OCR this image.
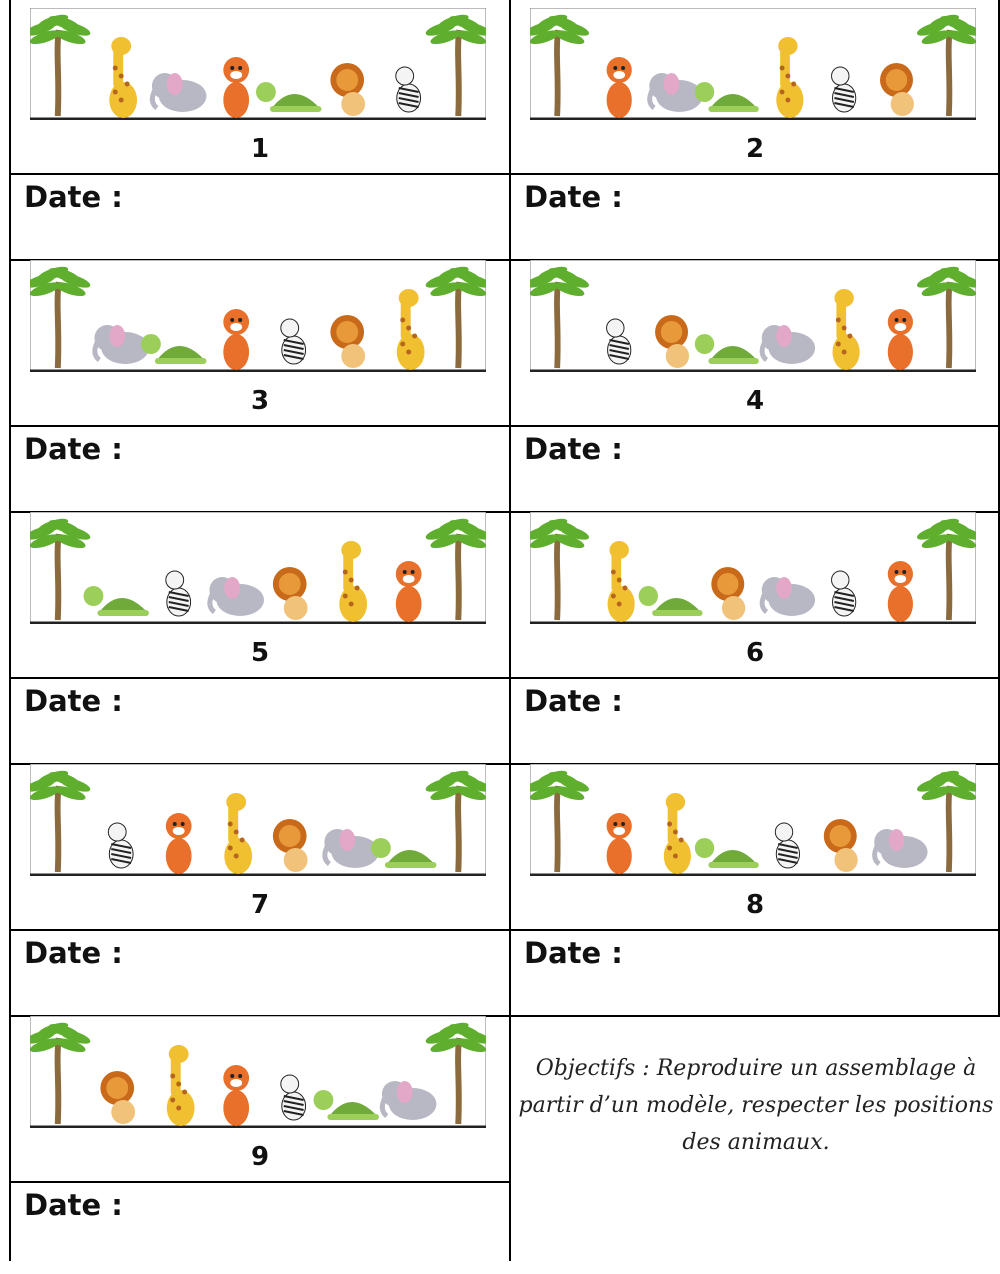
1
Date :
2
Date :
3
Date :
4
Date :
5
Date :
6
Date :
7
Date :
8
Date :
9
Date :
Objectifs : Reproduire un assemblage à
partir d’un modèle, respecter les positions
des animaux.
